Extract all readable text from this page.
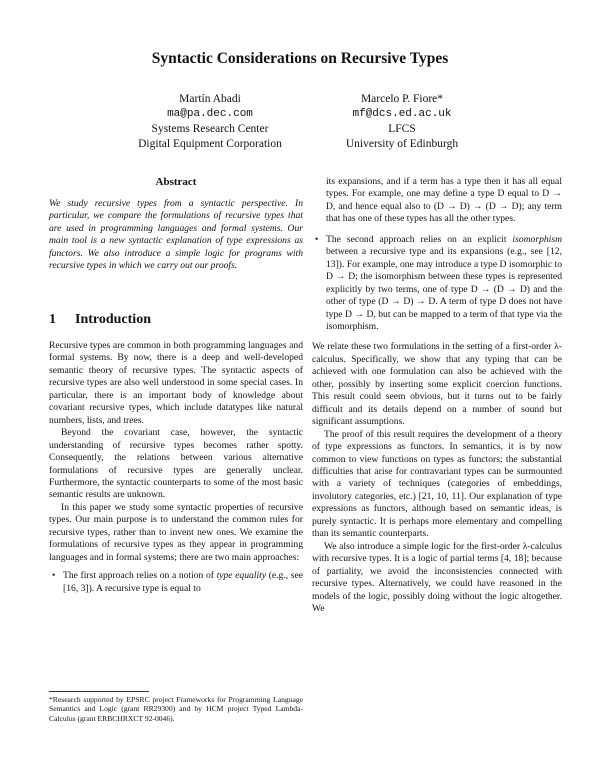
Syntactic Considerations on Recursive Types
Martín Abadi
ma@pa.dec.com
Systems Research Center
Digital Equipment Corporation
Marcelo P. Fiore*
mf@dcs.ed.ac.uk
LFCS
University of Edinburgh
Abstract
We study recursive types from a syntactic perspective. In particular, we compare the formulations of recursive types that are used in programming languages and formal systems. Our main tool is a new syntactic explanation of type expressions as functors. We also introduce a simple logic for programs with recursive types in which we carry out our proofs.
1 Introduction

Recursive types are common in both programming languages and formal systems. By now, there is a deep and well-developed semantic theory of recursive types. The syntactic aspects of recursive types are also well understood in some special cases. In particular, there is an important body of knowledge about covariant recursive types, which include datatypes like natural numbers, lists, and trees.

Beyond the covariant case, however, the syntactic understanding of recursive types becomes rather spotty. Consequently, the relations between various alternative formulations of recursive types are generally unclear. Furthermore, the syntactic counterparts to some of the most basic semantic results are unknown.

In this paper we study some syntactic properties of recursive types. Our main purpose is to understand the common rules for recursive types, rather than to invent new ones. We examine the formulations of recursive types as they appear in programming languages and in formal systems; there are two main approaches:

• The first approach relies on a notion of type equality (e.g., see [16, 3]). A recursive type is equal to

*Research supported by EPSRC project Frameworks for Programming Language Semantics and Logic (grant RR29300) and by HCM project Typed Lambda-Calculus (grant ERBCHRXCT 92-0046).

its expansions, and if a term has a type then it has all equal types. For example, one may define a type D equal to D → D, and hence equal also to (D → D) → (D → D); any term that has one of these types has all the other types.

• The second approach relies on an explicit isomorphism between a recursive type and its expansions (e.g., see [12, 13]). For example, one may introduce a type D isomorphic to D → D; the isomorphism between these types is represented explicitly by two terms, one of type D → (D → D) and the other of type (D → D) → D. A term of type D does not have type D → D, but can be mapped to a term of that type via the isomorphism.

We relate these two formulations in the setting of a first-order λ-calculus. Specifically, we show that any typing that can be achieved with one formulation can also be achieved with the other, possibly by inserting some explicit coercion functions. This result could seem obvious, but it turns out to be fairly difficult and its details depend on a number of sound but significant assumptions.

The proof of this result requires the development of a theory of type expressions as functors. In semantics, it is by now common to view functions on types as functors; the substantial difficulties that arise for contravariant types can be surmounted with a variety of techniques (categories of embeddings, involutory categories, etc.) [21, 10, 11]. Our explanation of type expressions as functors, although based on semantic ideas, is purely syntactic. It is perhaps more elementary and compelling than its semantic counterparts.

We also introduce a simple logic for the first-order λ-calculus with recursive types. It is a logic of partial terms [4, 18]; because of partiality, we avoid the inconsistencies connected with recursive types. Alternatively, we could have reasoned in the models of the logic, possibly doing without the logic altogether. We
